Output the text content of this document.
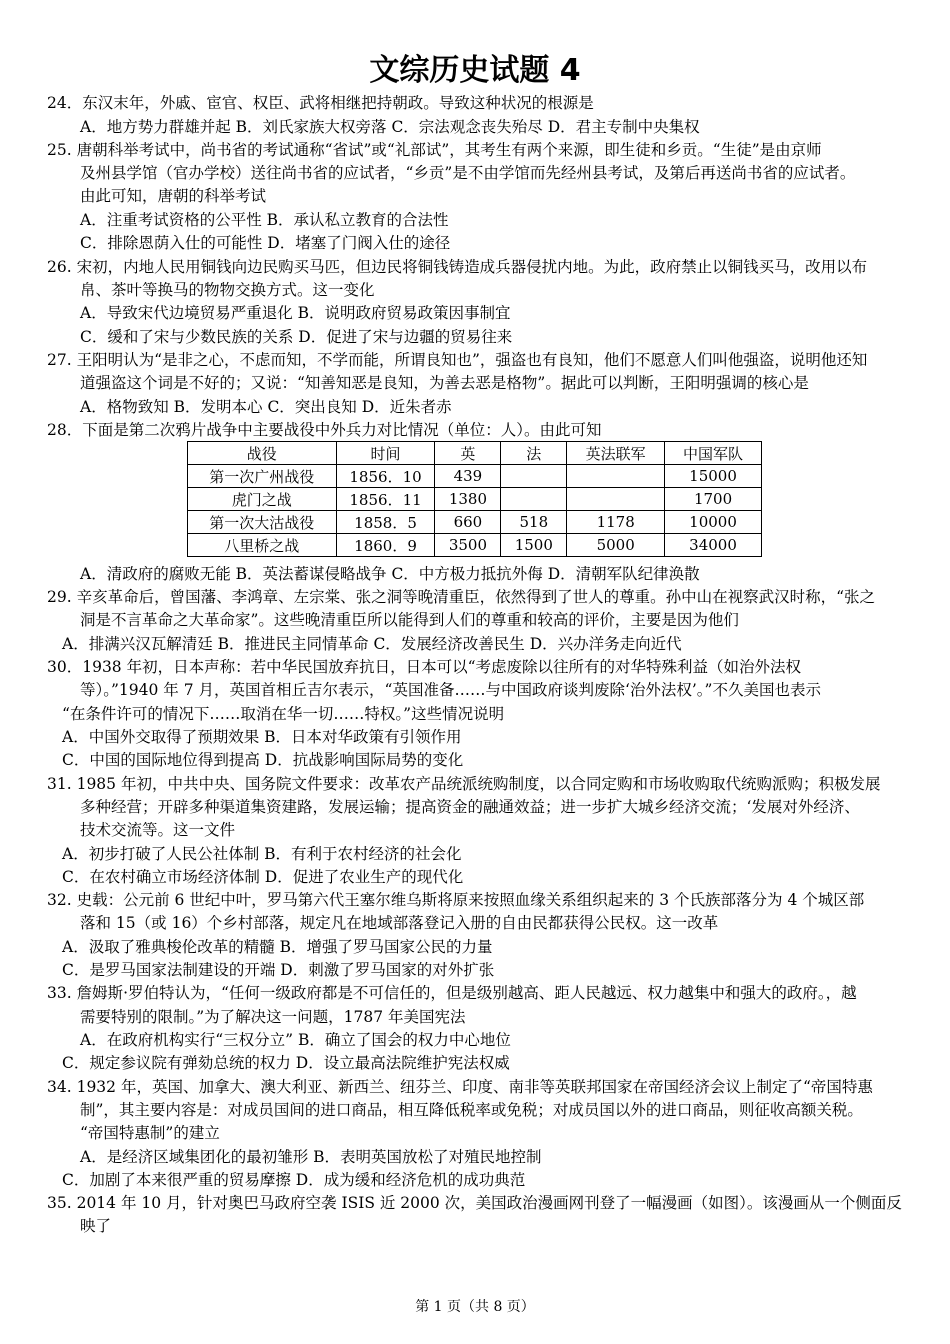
文综历史试题 4
24．东汉末年，外戚、宦官、权臣、武将相继把持朝政。导致这种状况的根源是
A．地方势力群雄并起 B．刘氏家族大权旁落 C．宗法观念丧失殆尽 D．君主专制中央集权
25. 唐朝科举考试中，尚书省的考试通称“省试”或“礼部试”，其考生有两个来源，即生徒和乡贡。“生徒”是由京师
及州县学馆（官办学校）送往尚书省的应试者，“乡贡”是不由学馆而先经州县考试，及第后再送尚书省的应试者。
由此可知，唐朝的科举考试
A．注重考试资格的公平性 B．承认私立教育的合法性
C．排除恩荫入仕的可能性 D．堵塞了门阀入仕的途径
26. 宋初，内地人民用铜钱向边民购买马匹，但边民将铜钱铸造成兵器侵扰内地。为此，政府禁止以铜钱买马，改用以布
帛、茶叶等换马的物物交换方式。这一变化
A．导致宋代边境贸易严重退化 B．说明政府贸易政策因事制宜
C．缓和了宋与少数民族的关系 D．促进了宋与边疆的贸易往来
27. 王阳明认为“是非之心，不虑而知，不学而能，所谓良知也”，强盗也有良知，他们不愿意人们叫他强盗，说明他还知
道强盗这个词是不好的；又说：“知善知恶是良知，为善去恶是格物”。据此可以判断，王阳明强调的核心是
A．格物致知 B．发明本心 C．突出良知 D．近朱者赤
28．下面是第二次鸦片战争中主要战役中外兵力对比情况（单位：人）。由此可知
A．清政府的腐败无能 B．英法蓄谋侵略战争 C．中方极力抵抗外侮 D．清朝军队纪律涣散
29. 辛亥革命后，曾国藩、李鸿章、左宗棠、张之洞等晚清重臣，依然得到了世人的尊重。孙中山在视察武汉时称，“张之
洞是不言革命之大革命家”。这些晚清重臣所以能得到人们的尊重和较高的评价，主要是因为他们
A．排满兴汉瓦解清廷 B．推进民主同情革命 C．发展经济改善民生 D．兴办洋务走向近代
30．1938 年初，日本声称：若中华民国放弃抗日，日本可以“考虑废除以往所有的对华特殊利益（如治外法权
等）。”1940 年 7 月，英国首相丘吉尔表示，“英国准备……与中国政府谈判废除‘治外法权’。”不久美国也表示
“在条件许可的情况下……取消在华一切……特权。”这些情况说明
A．中国外交取得了预期效果 B．日本对华政策有引领作用
C．中国的国际地位得到提高 D．抗战影响国际局势的变化
31. 1985 年初，中共中央、国务院文件要求：改革农产品统派统购制度，以合同定购和市场收购取代统购派购；积极发展
多种经营；开辟多种渠道集资建路，发展运输；提高资金的融通效益；进一步扩大城乡经济交流；‘发展对外经济、
技术交流等。这一文件
A．初步打破了人民公社体制 B．有利于农村经济的社会化
C．在农村确立市场经济体制 D．促进了农业生产的现代化
32. 史载：公元前 6 世纪中叶，罗马第六代王塞尔维乌斯将原来按照血缘关系组织起来的 3 个氏族部落分为 4 个城区部
落和 15（或 16）个乡村部落，规定凡在地域部落登记入册的自由民都获得公民权。这一改革
A．汲取了雅典梭伦改革的精髓 B．增强了罗马国家公民的力量
C．是罗马国家法制建设的开端 D．刺激了罗马国家的对外扩张
33. 詹姆斯·罗伯特认为，“任何一级政府都是不可信任的，但是级别越高、距人民越远、权力越集中和强大的政府。，越
需要特别的限制。”为了解决这一问题，1787 年美国宪法
A．在政府机构实行“三权分立” B．确立了国会的权力中心地位
C．规定参议院有弹劾总统的权力 D．设立最高法院维护宪法权威
34. 1932 年，英国、加拿大、澳大利亚、新西兰、纽芬兰、印度、南非等英联邦国家在帝国经济会议上制定了“帝国特惠
制”，其主要内容是：对成员国间的进口商品，相互降低税率或免税；对成员国以外的进口商品，则征收高额关税。
“帝国特惠制”的建立
A．是经济区域集团化的最初雏形 B．表明英国放松了对殖民地控制
C．加剧了本来很严重的贸易摩擦 D．成为缓和经济危机的成功典范
35. 2014 年 10 月，针对奥巴马政府空袭 ISIS 近 2000 次，美国政治漫画网刊登了一幅漫画（如图）。该漫画从一个侧面反
映了
战役	时间	英	法	英法联军	中国军队
第一次广州战役	1856．10	439			15000
虎门之战	1856．11	1380			1700
第一次大沽战役	1858．5	660	518	1178	10000
八里桥之战	1860．9	3500	1500	5000	34000
第 1 页（共 8 页）
